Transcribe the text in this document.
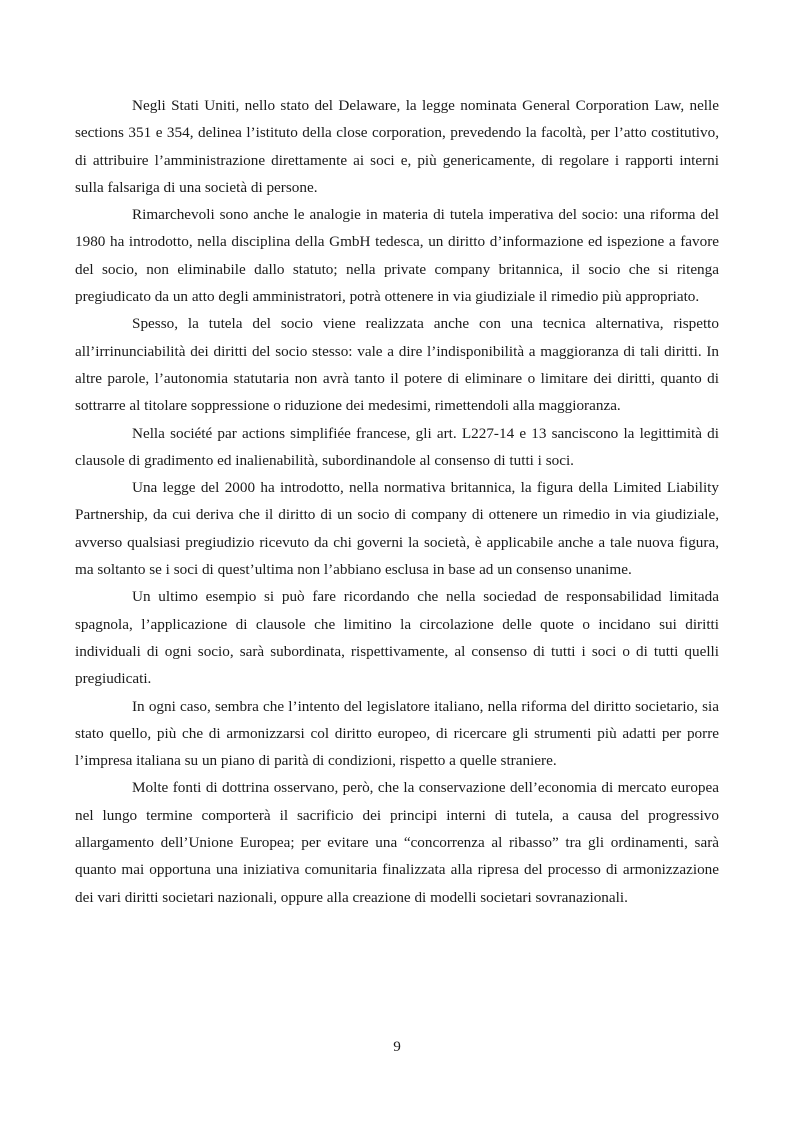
Negli Stati Uniti, nello stato del Delaware, la legge nominata General Corporation Law, nelle sections 351 e 354, delinea l’istituto della close corporation, prevedendo la facoltà, per l’atto costitutivo, di attribuire l’amministrazione direttamente ai soci e, più genericamente, di regolare i rapporti interni sulla falsariga di una società di persone.

Rimarchevoli sono anche le analogie in materia di tutela imperativa del socio: una riforma del 1980 ha introdotto, nella disciplina della GmbH tedesca, un diritto d’informazione ed ispezione a favore del socio, non eliminabile dallo statuto; nella private company britannica, il socio che si ritenga pregiudicato da un atto degli amministratori, potrà ottenere in via giudiziale il rimedio più appropriato.

Spesso, la tutela del socio viene realizzata anche con una tecnica alternativa, rispetto all’irrinunciabilità dei diritti del socio stesso: vale a dire l’indisponibilità a maggioranza di tali diritti. In altre parole, l’autonomia statutaria non avrà tanto il potere di eliminare o limitare dei diritti, quanto di sottrarre al titolare soppressione o riduzione dei medesimi, rimettendoli alla maggioranza.

Nella société par actions simplifiée francese, gli art. L227-14 e 13 sanciscono la legittimità di clausole di gradimento ed inalienabilità, subordinandole al consenso di tutti i soci.

Una legge del 2000 ha introdotto, nella normativa britannica, la figura della Limited Liability Partnership, da cui deriva che il diritto di un socio di company di ottenere un rimedio in via giudiziale, avverso qualsiasi pregiudizio ricevuto da chi governi la società, è applicabile anche a tale nuova figura, ma soltanto se i soci di quest’ultima non l’abbiano esclusa in base ad un consenso unanime.

Un ultimo esempio si può fare ricordando che nella sociedad de responsabilidad limitada spagnola, l’applicazione di clausole che limitino la circolazione delle quote o incidano sui diritti individuali di ogni socio, sarà subordinata, rispettivamente, al consenso di tutti i soci o di tutti quelli pregiudicati.

In ogni caso, sembra che l’intento del legislatore italiano, nella riforma del diritto societario, sia stato quello, più che di armonizzarsi col diritto europeo, di ricercare gli strumenti più adatti per porre l’impresa italiana su un piano di parità di condizioni, rispetto a quelle straniere.

Molte fonti di dottrina osservano, però, che la conservazione dell’economia di mercato europea nel lungo termine comporterà il sacrificio dei principi interni di tutela, a causa del progressivo allargamento dell’Unione Europea; per evitare una “concorrenza al ribasso” tra gli ordinamenti, sarà quanto mai opportuna una iniziativa comunitaria finalizzata alla ripresa del processo di armonizzazione dei vari diritti societari nazionali, oppure alla creazione di modelli societari sovranazionali.

9
